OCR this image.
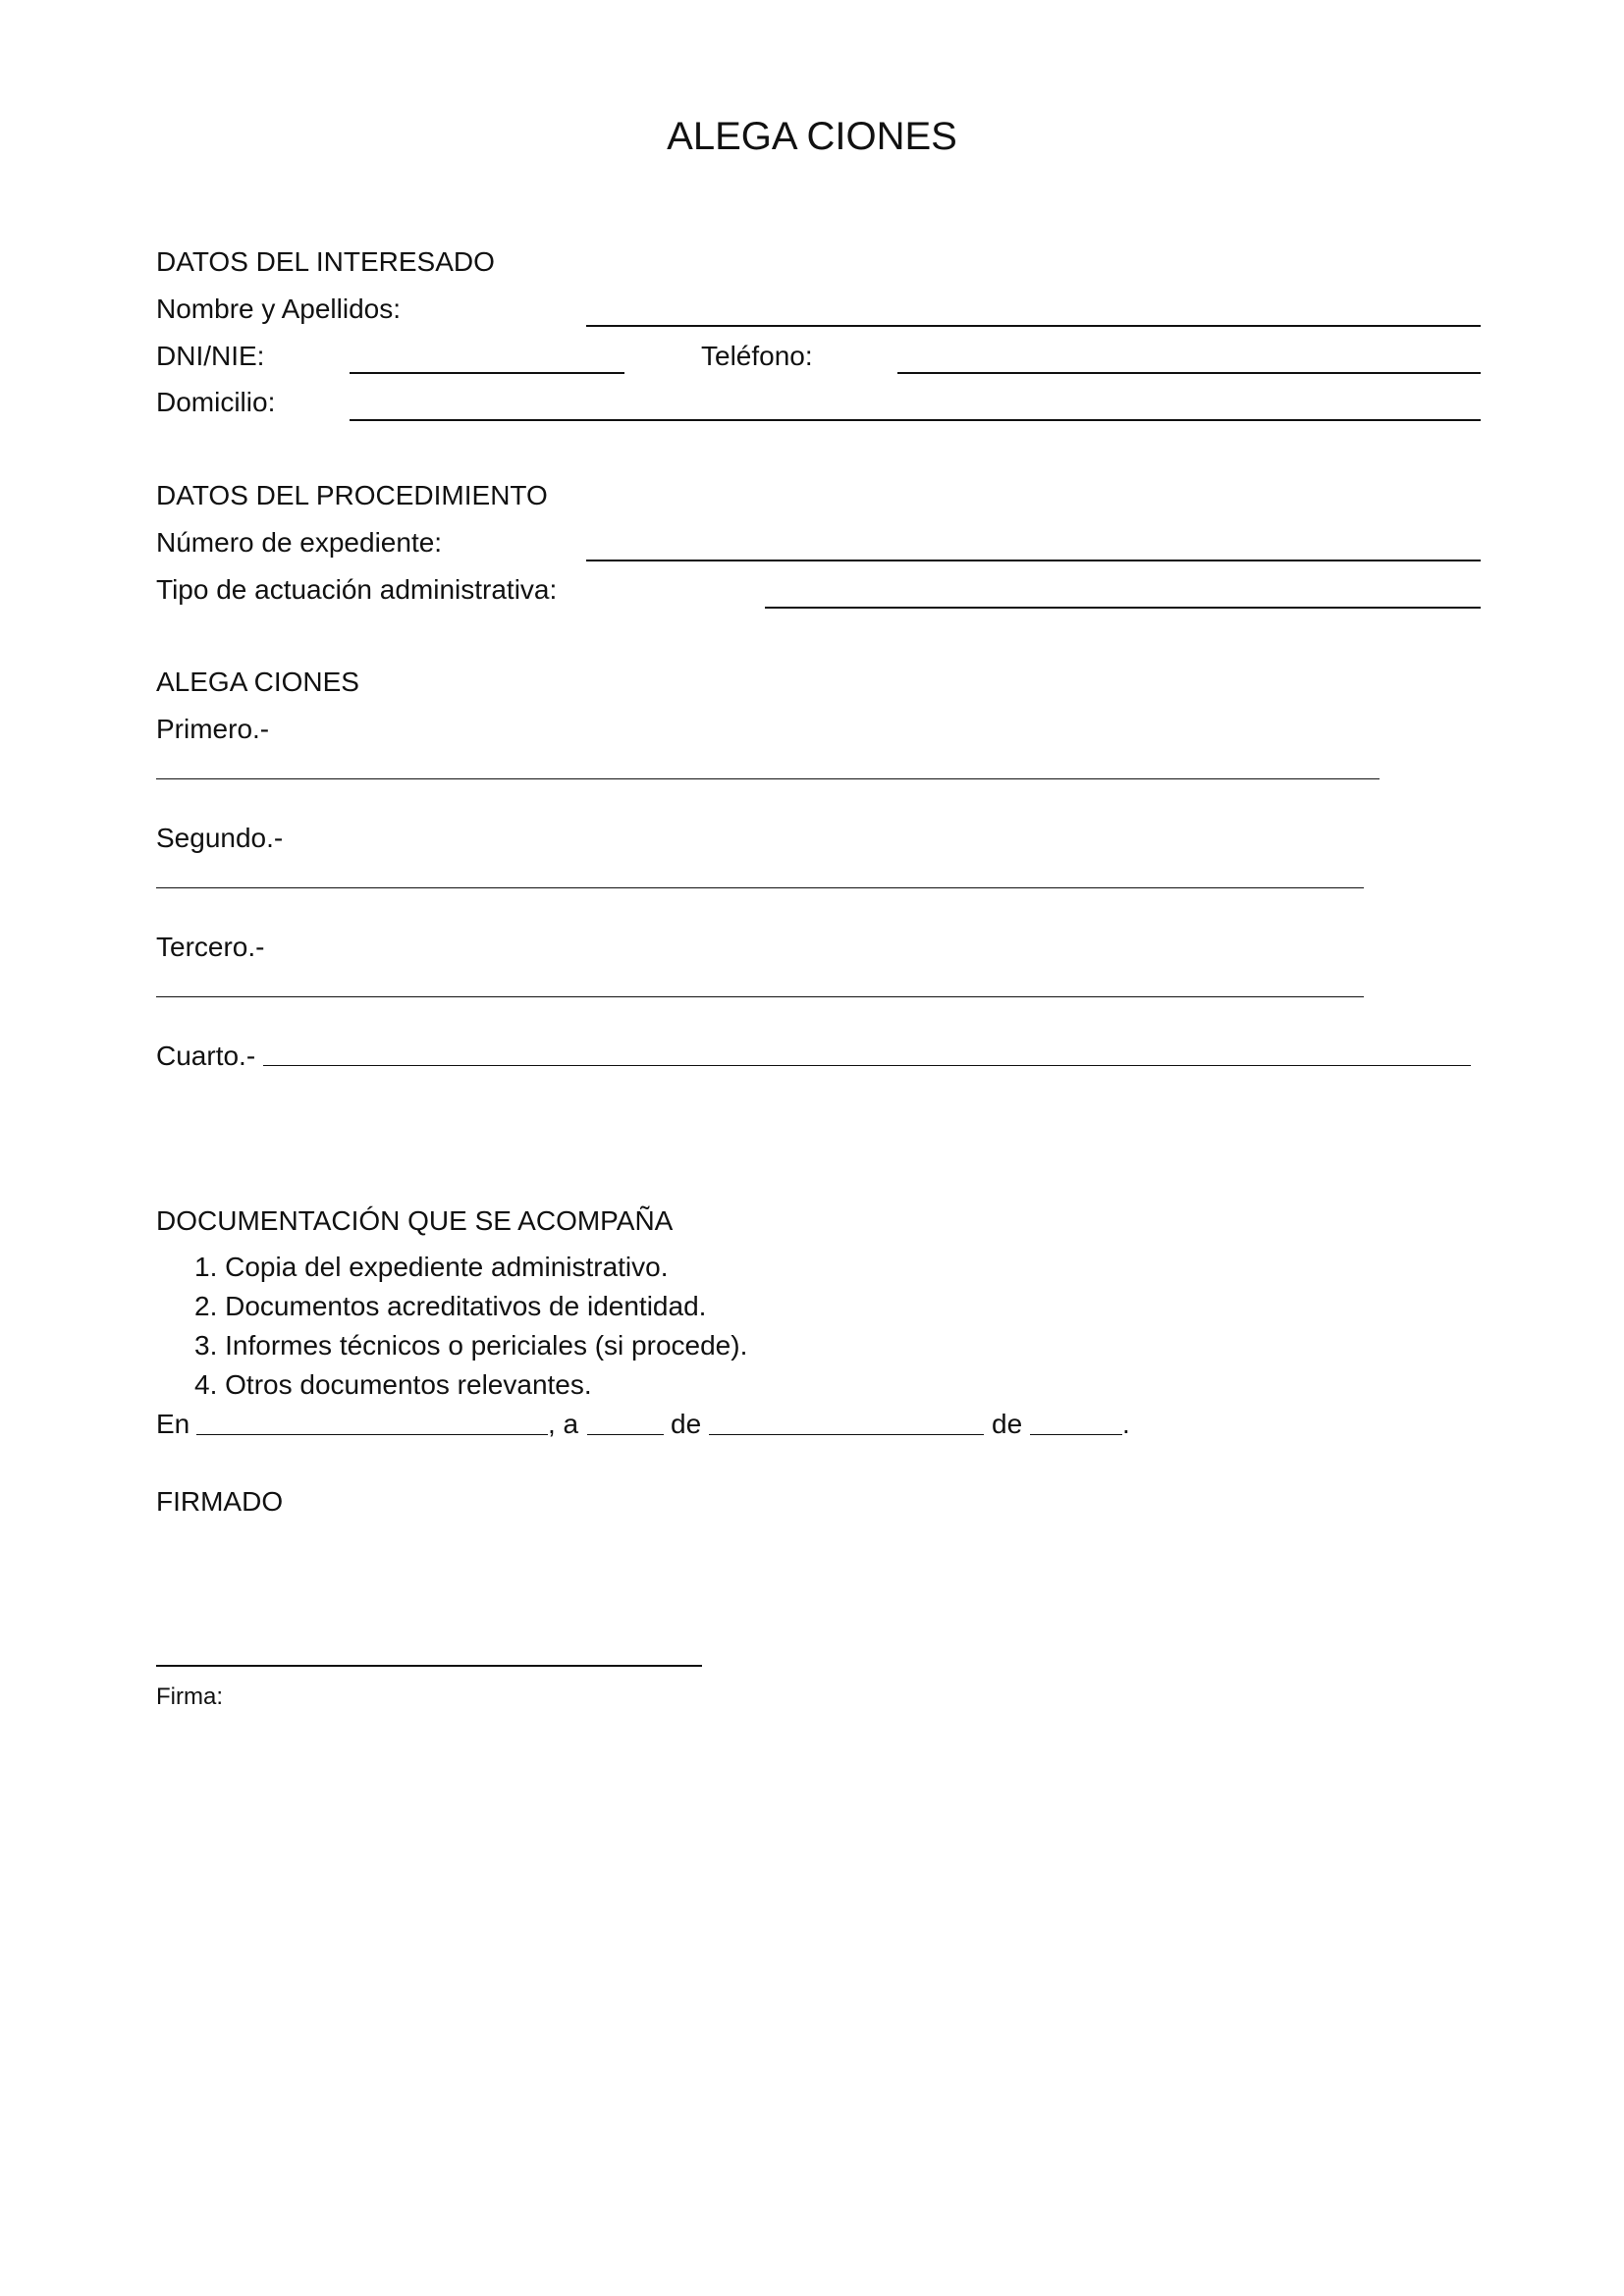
ALEGA CIONES
DATOS DEL INTERESADO
Nombre y Apellidos:
DNI/NIE:	Teléfono:
Domicilio:
DATOS DEL PROCEDIMIENTO
Número de expediente:
Tipo de actuación administrativa:
ALEGA CIONES
Primero.-
Segundo.-
Tercero.-
Cuarto.-
DOCUMENTACIÓN QUE SE ACOMPAÑA
1. Copia del expediente administrativo.
2. Documentos acreditativos de identidad.
3. Informes técnicos o periciales (si procede).
4. Otros documentos relevantes.
En	, a	de	de	.
FIRMADO
Firma:
